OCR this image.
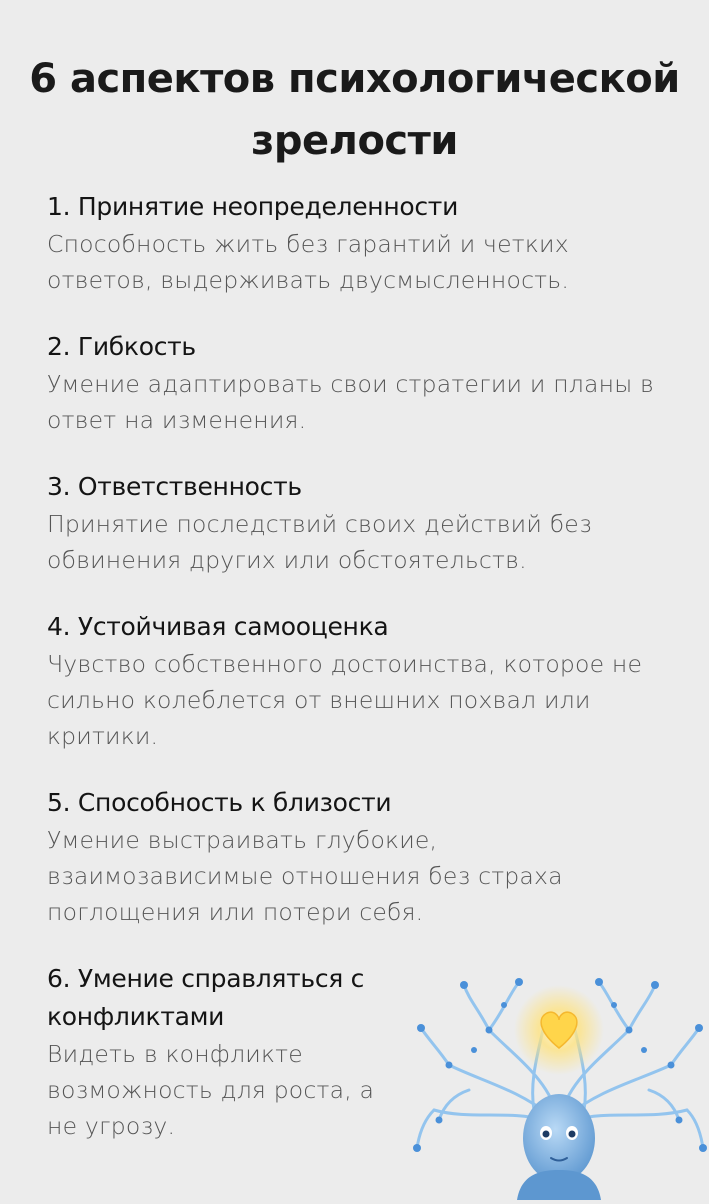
6 аспектов психологической зрелости
1. Принятие неопределенности
Способность жить без гарантий и четких ответов, выдерживать двусмысленность.
2. Гибкость
Умение адаптировать свои стратегии и планы в ответ на изменения.
3. Ответственность
Принятие последствий своих действий без обвинения других или обстоятельств.
4. Устойчивая самооценка
Чувство собственного достоинства, которое не сильно колеблется от внешних похвал или критики.
5. Способность к близости
Умение выстраивать глубокие, взаимозависимые отношения без страха поглощения или потери себя.
6. Умение справляться с конфликтами
Видеть в конфликте возможность для роста, а не угрозу.
